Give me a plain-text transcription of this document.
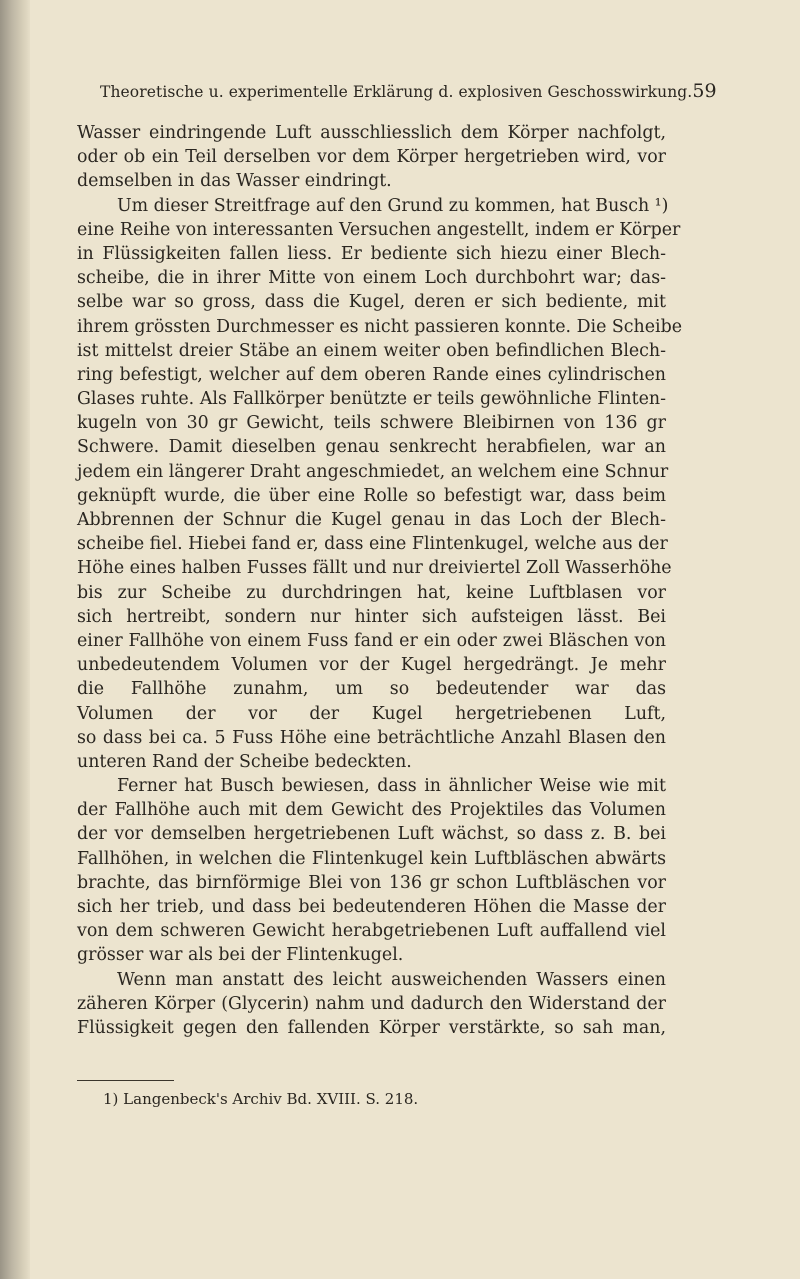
Theoretische u. experimentelle Erklärung d. explosiven Geschosswirkung. 59
Wasser eindringende Luft ausschliesslich dem Körper nachfolgt,
oder ob ein Teil derselben vor dem Körper hergetrieben wird, vor
demselben in das Wasser eindringt.
Um dieser Streitfrage auf den Grund zu kommen, hat Busch ¹)
eine Reihe von interessanten Versuchen angestellt, indem er Körper
in Flüssigkeiten fallen liess. Er bediente sich hiezu einer Blech-
scheibe, die in ihrer Mitte von einem Loch durchbohrt war; das-
selbe war so gross, dass die Kugel, deren er sich bediente, mit
ihrem grössten Durchmesser es nicht passieren konnte. Die Scheibe
ist mittelst dreier Stäbe an einem weiter oben befindlichen Blech-
ring befestigt, welcher auf dem oberen Rande eines cylindrischen
Glases ruhte. Als Fallkörper benützte er teils gewöhnliche Flinten-
kugeln von 30 gr Gewicht, teils schwere Bleibirnen von 136 gr
Schwere. Damit dieselben genau senkrecht herabfielen, war an
jedem ein längerer Draht angeschmiedet, an welchem eine Schnur
geknüpft wurde, die über eine Rolle so befestigt war, dass beim
Abbrennen der Schnur die Kugel genau in das Loch der Blech-
scheibe fiel. Hiebei fand er, dass eine Flintenkugel, welche aus der
Höhe eines halben Fusses fällt und nur dreiviertel Zoll Wasserhöhe
bis zur Scheibe zu durchdringen hat, keine Luftblasen vor
sich hertreibt, sondern nur hinter sich aufsteigen lässt. Bei
einer Fallhöhe von einem Fuss fand er ein oder zwei Bläschen von
unbedeutendem Volumen vor der Kugel hergedrängt. Je mehr
die Fallhöhe zunahm, um so bedeutender war das
Volumen der vor der Kugel hergetriebenen Luft,
so dass bei ca. 5 Fuss Höhe eine beträchtliche Anzahl Blasen den
unteren Rand der Scheibe bedeckten.
Ferner hat Busch bewiesen, dass in ähnlicher Weise wie mit
der Fallhöhe auch mit dem Gewicht des Projektiles das Volumen
der vor demselben hergetriebenen Luft wächst, so dass z. B. bei
Fallhöhen, in welchen die Flintenkugel kein Luftbläschen abwärts
brachte, das birnförmige Blei von 136 gr schon Luftbläschen vor
sich her trieb, und dass bei bedeutenderen Höhen die Masse der
von dem schweren Gewicht herabgetriebenen Luft auffallend viel
grösser war als bei der Flintenkugel.
Wenn man anstatt des leicht ausweichenden Wassers einen
zäheren Körper (Glycerin) nahm und dadurch den Widerstand der
Flüssigkeit gegen den fallenden Körper verstärkte, so sah man,
1) Langenbeck's Archiv Bd. XVIII. S. 218.
